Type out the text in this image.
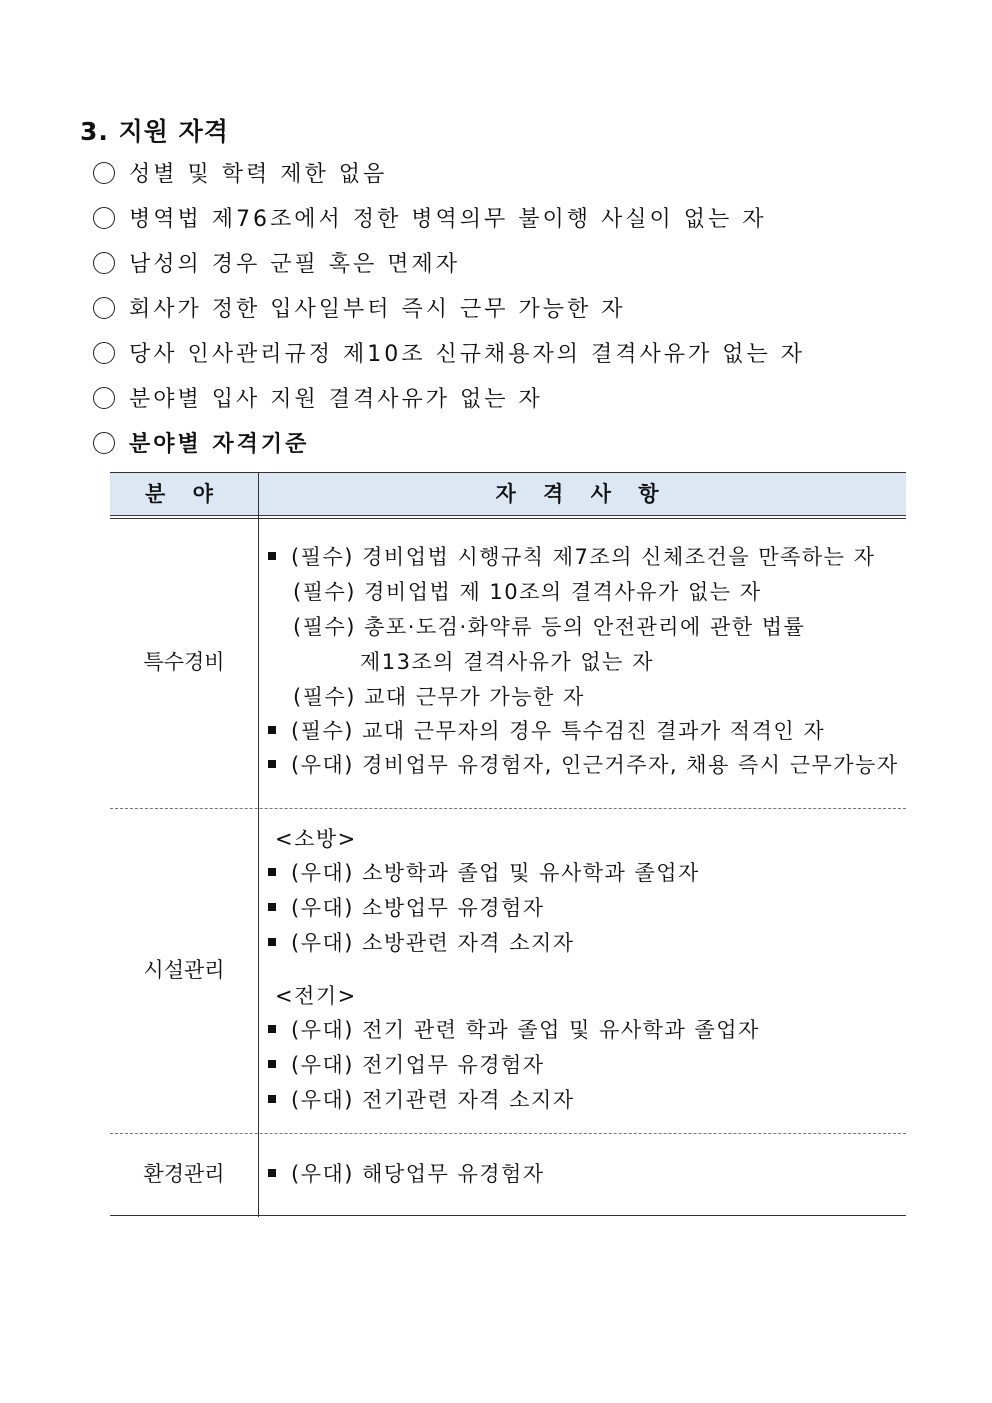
3. 지원 자격
성별 및 학력 제한 없음
병역법 제76조에서 정한 병역의무 불이행 사실이 없는 자
남성의 경우 군필 혹은 면제자
회사가 정한 입사일부터 즉시 근무 가능한 자
당사 인사관리규정 제10조 신규채용자의 결격사유가 없는 자
분야별 입사 지원 결격사유가 없는 자
분야별 자격기준
분 야	자 격 사 항
특수경비
(필수) 경비업법 시행규칙 제7조의 신체조건을 만족하는 자
(필수) 경비업법 제 10조의 결격사유가 없는 자
(필수) 총포·도검·화약류 등의 안전관리에 관한 법률
제13조의 결격사유가 없는 자
(필수) 교대 근무가 가능한 자
(필수) 교대 근무자의 경우 특수검진 결과가 적격인 자
(우대) 경비업무 유경험자, 인근거주자, 채용 즉시 근무가능자
시설관리
<소방>
(우대) 소방학과 졸업 및 유사학과 졸업자
(우대) 소방업무 유경험자
(우대) 소방관련 자격 소지자
<전기>
(우대) 전기 관련 학과 졸업 및 유사학과 졸업자
(우대) 전기업무 유경험자
(우대) 전기관련 자격 소지자
환경관리	(우대) 해당업무 유경험자
